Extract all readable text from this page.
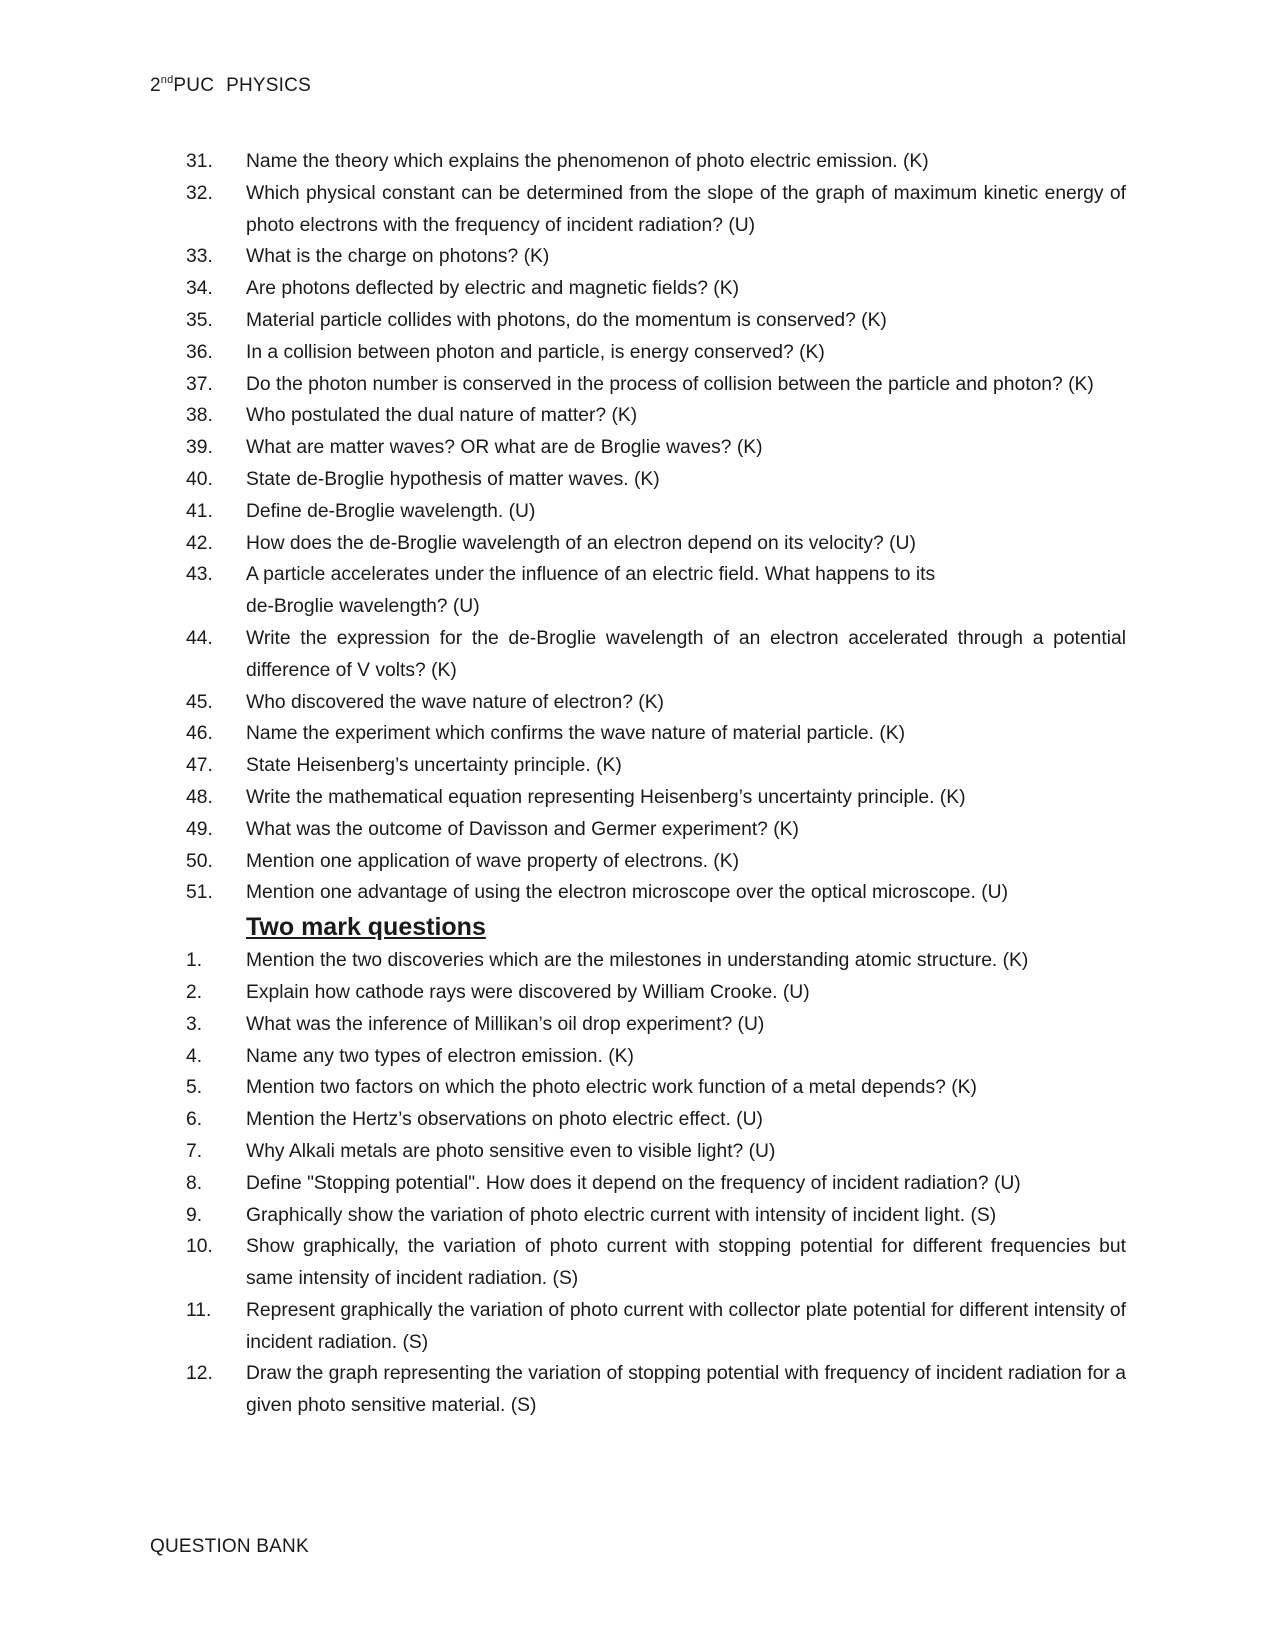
2ndPUC PHYSICS
31.	Name the theory which explains the phenomenon of photo electric emission. (K)
32.	Which physical constant can be determined from the slope of the graph of maximum kinetic energy of photo electrons with the frequency of incident radiation? (U)
33.	What is the charge on photons? (K)
34.	Are photons deflected by electric and magnetic fields? (K)
35.	Material particle collides with photons, do the momentum is conserved? (K)
36.	In a collision between photon and particle, is energy conserved? (K)
37.	Do the photon number is conserved in the process of collision between the particle and photon? (K)
38.	Who postulated the dual nature of matter? (K)
39.	What are matter waves? OR what are de Broglie waves? (K)
40.	State de-Broglie hypothesis of matter waves. (K)
41.	Define de-Broglie wavelength. (U)
42.	How does the de-Broglie wavelength of an electron depend on its velocity? (U)
43.	A particle accelerates under the influence of an electric field. What happens to its
de-Broglie wavelength? (U)
44.	Write the expression for the de-Broglie wavelength of an electron accelerated through a potential difference of V volts? (K)
45.	Who discovered the wave nature of electron? (K)
46.	Name the experiment which confirms the wave nature of material particle. (K)
47.	State Heisenberg’s uncertainty principle. (K)
48.	Write the mathematical equation representing Heisenberg’s uncertainty principle. (K)
49.	What was the outcome of Davisson and Germer experiment? (K)
50.	Mention one application of wave property of electrons. (K)
51.	Mention one advantage of using the electron microscope over the optical microscope. (U)
Two mark questions
1.	Mention the two discoveries which are the milestones in understanding atomic structure. (K)
2.	Explain how cathode rays were discovered by William Crooke. (U)
3.	What was the inference of Millikan’s oil drop experiment? (U)
4.	Name any two types of electron emission. (K)
5.	Mention two factors on which the photo electric work function of a metal depends? (K)
6.	Mention the Hertz’s observations on photo electric effect. (U)
7.	Why Alkali metals are photo sensitive even to visible light? (U)
8.	Define "Stopping potential". How does it depend on the frequency of incident radiation? (U)
9.	Graphically show the variation of photo electric current with intensity of incident light. (S)
10.	Show graphically, the variation of photo current with stopping potential for different frequencies but same intensity of incident radiation. (S)
11.	Represent graphically the variation of photo current with collector plate potential for different intensity of incident radiation. (S)
12.	Draw the graph representing the variation of stopping potential with frequency of incident radiation for a given photo sensitive material. (S)
QUESTION BANK
